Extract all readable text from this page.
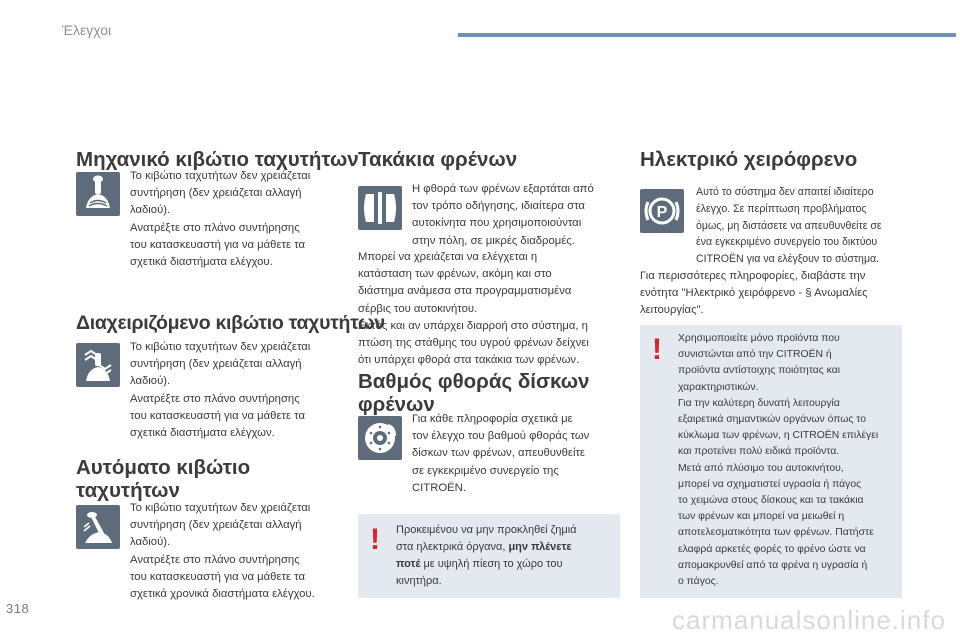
Έλεγχοι
Μηχανικό κιβώτιο ταχυτήτων
Το κιβώτιο ταχυτήτων δεν χρειάζεται
συντήρηση (δεν χρειάζεται αλλαγή
λαδιού).
Ανατρέξτε στο πλάνο συντήρησης
του κατασκευαστή για να μάθετε τα
σχετικά διαστήματα ελέγχου.
Διαχειριζόμενο κιβώτιο ταχυτήτων
Το κιβώτιο ταχυτήτων δεν χρειάζεται
συντήρηση (δεν χρειάζεται αλλαγή
λαδιού).
Ανατρέξτε στο πλάνο συντήρησης
του κατασκευαστή για να μάθετε τα
σχετικά διαστήματα ελέγχων.
Αυτόματο κιβώτιο
ταχυτήτων
Το κιβώτιο ταχυτήτων δεν χρειάζεται
συντήρηση (δεν χρειάζεται αλλαγή
λαδιού).
Ανατρέξτε στο πλάνο συντήρησης
του κατασκευαστή για να μάθετε τα
σχετικά χρονικά διαστήματα ελέγχου.
Τακάκια φρένων
Η φθορά των φρένων εξαρτάται από
τον τρόπο οδήγησης, ιδιαίτερα στα
αυτοκίνητα που χρησιμοποιούνται
στην πόλη, σε μικρές διαδρομές.
Μπορεί να χρειάζεται να ελέγχεται η
κατάσταση των φρένων, ακόμη και στο
διάστημα ανάμεσα στα προγραμματισμένα
σέρβις του αυτοκινήτου.
Εκτός και αν υπάρχει διαρροή στο σύστημα, η
πτώση της στάθμης του υγρού φρένων δείχνει
ότι υπάρχει φθορά στα τακάκια των φρένων.
Βαθμός φθοράς δίσκων
φρένων
Για κάθε πληροφορία σχετικά με
τον έλεγχο του βαθμού φθοράς των
δίσκων των φρένων, απευθυνθείτε
σε εγκεκριμένο συνεργείο της
CITROËN.
! Προκειμένου να μην προκληθεί ζημιά
στα ηλεκτρικά όργανα, μην πλένετε
ποτέ με υψηλή πίεση το χώρο του
κινητήρα.
Ηλεκτρικό χειρόφρενο
P
Αυτό το σύστημα δεν απαιτεί ιδιαίτερο
έλεγχο. Σε περίπτωση προβλήματος
όμως, μη διστάσετε να απευθυνθείτε σε
ένα εγκεκριμένο συνεργείο του δικτύου
CITROËN για να ελέγξουν το σύστημα.
Για περισσότερες πληροφορίες, διαβάστε την
ενότητα "Ηλεκτρικό χειρόφρενο - § Ανωμαλίες
λειτουργίας".
! Χρησιμοποιείτε μόνο προϊόντα που
συνιστώνται από την CITROËN ή
προϊόντα αντίστοιχης ποιότητας και
χαρακτηριστικών.
Για την καλύτερη δυνατή λειτουργία
εξαιρετικά σημαντικών οργάνων όπως το
κύκλωμα των φρένων, η CITROËN επιλέγει
και προτείνει πολύ ειδικά προϊόντα.
Μετά από πλύσιμο του αυτοκινήτου,
μπορεί να σχηματιστεί υγρασία ή πάγος
το χειμώνα στους δίσκους και τα τακάκια
των φρένων και μπορεί να μειωθεί η
αποτελεσματικότητα των φρένων. Πατήστε
ελαφρά αρκετές φορές το φρένο ώστε να
απομακρυνθεί από τα φρένα η υγρασία ή
ο πάγος.
318	carmanualsonline.info
